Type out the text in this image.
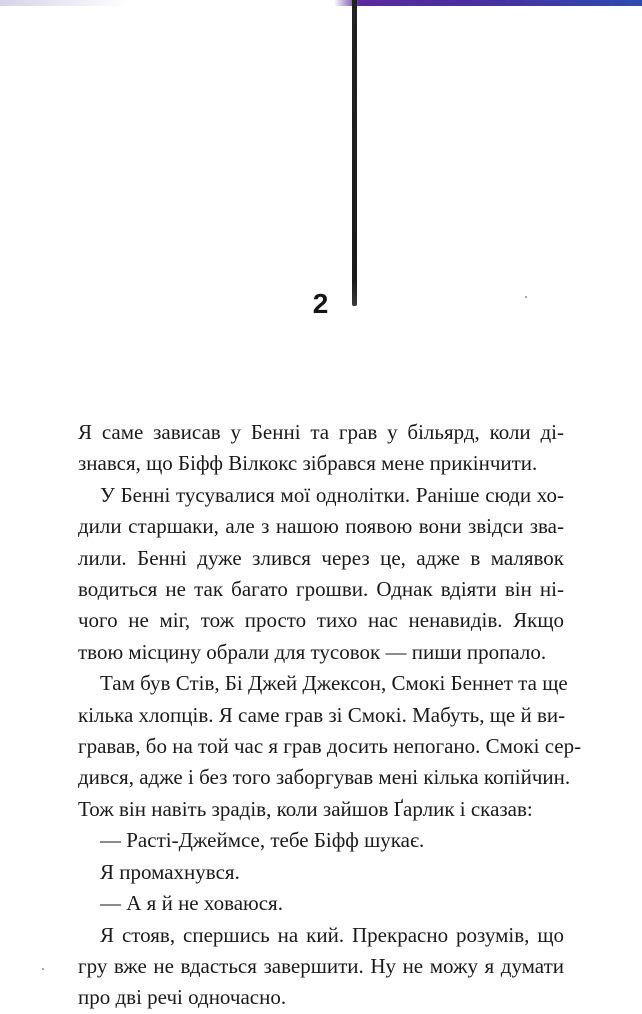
2

Я саме зависав у Бенні та грав у більярд, коли ді-
знався, що Біфф Вілкокс зібрався мене прикінчити.

У Бенні тусувалися мої однолітки. Раніше сюди хо-
дили старшаки, але з нашою появою вони звідси зва-
лили. Бенні дуже злився через це, адже в малявок
водиться не так багато грошви. Однак вдіяти він ні-
чого не міг, тож просто тихо нас ненавидів. Якщо
твою місцину обрали для тусовок — пиши пропало.

Там був Стів, Бі Джей Джексон, Смокі Беннет та ще
кілька хлопців. Я саме грав зі Смокі. Мабуть, ще й ви-
гравав, бо на той час я грав досить непогано. Смокі сер-
дився, адже і без того заборгував мені кілька копійчин.
Тож він навіть зрадів, коли зайшов Ґарлик і сказав:

— Расті-Джеймсе, тебе Біфф шукає.

Я промахнувся.

— А я й не ховаюся.

Я стояв, спершись на кий. Прекрасно розумів, що
гру вже не вдасться завершити. Ну не можу я думати
про дві речі одночасно.
